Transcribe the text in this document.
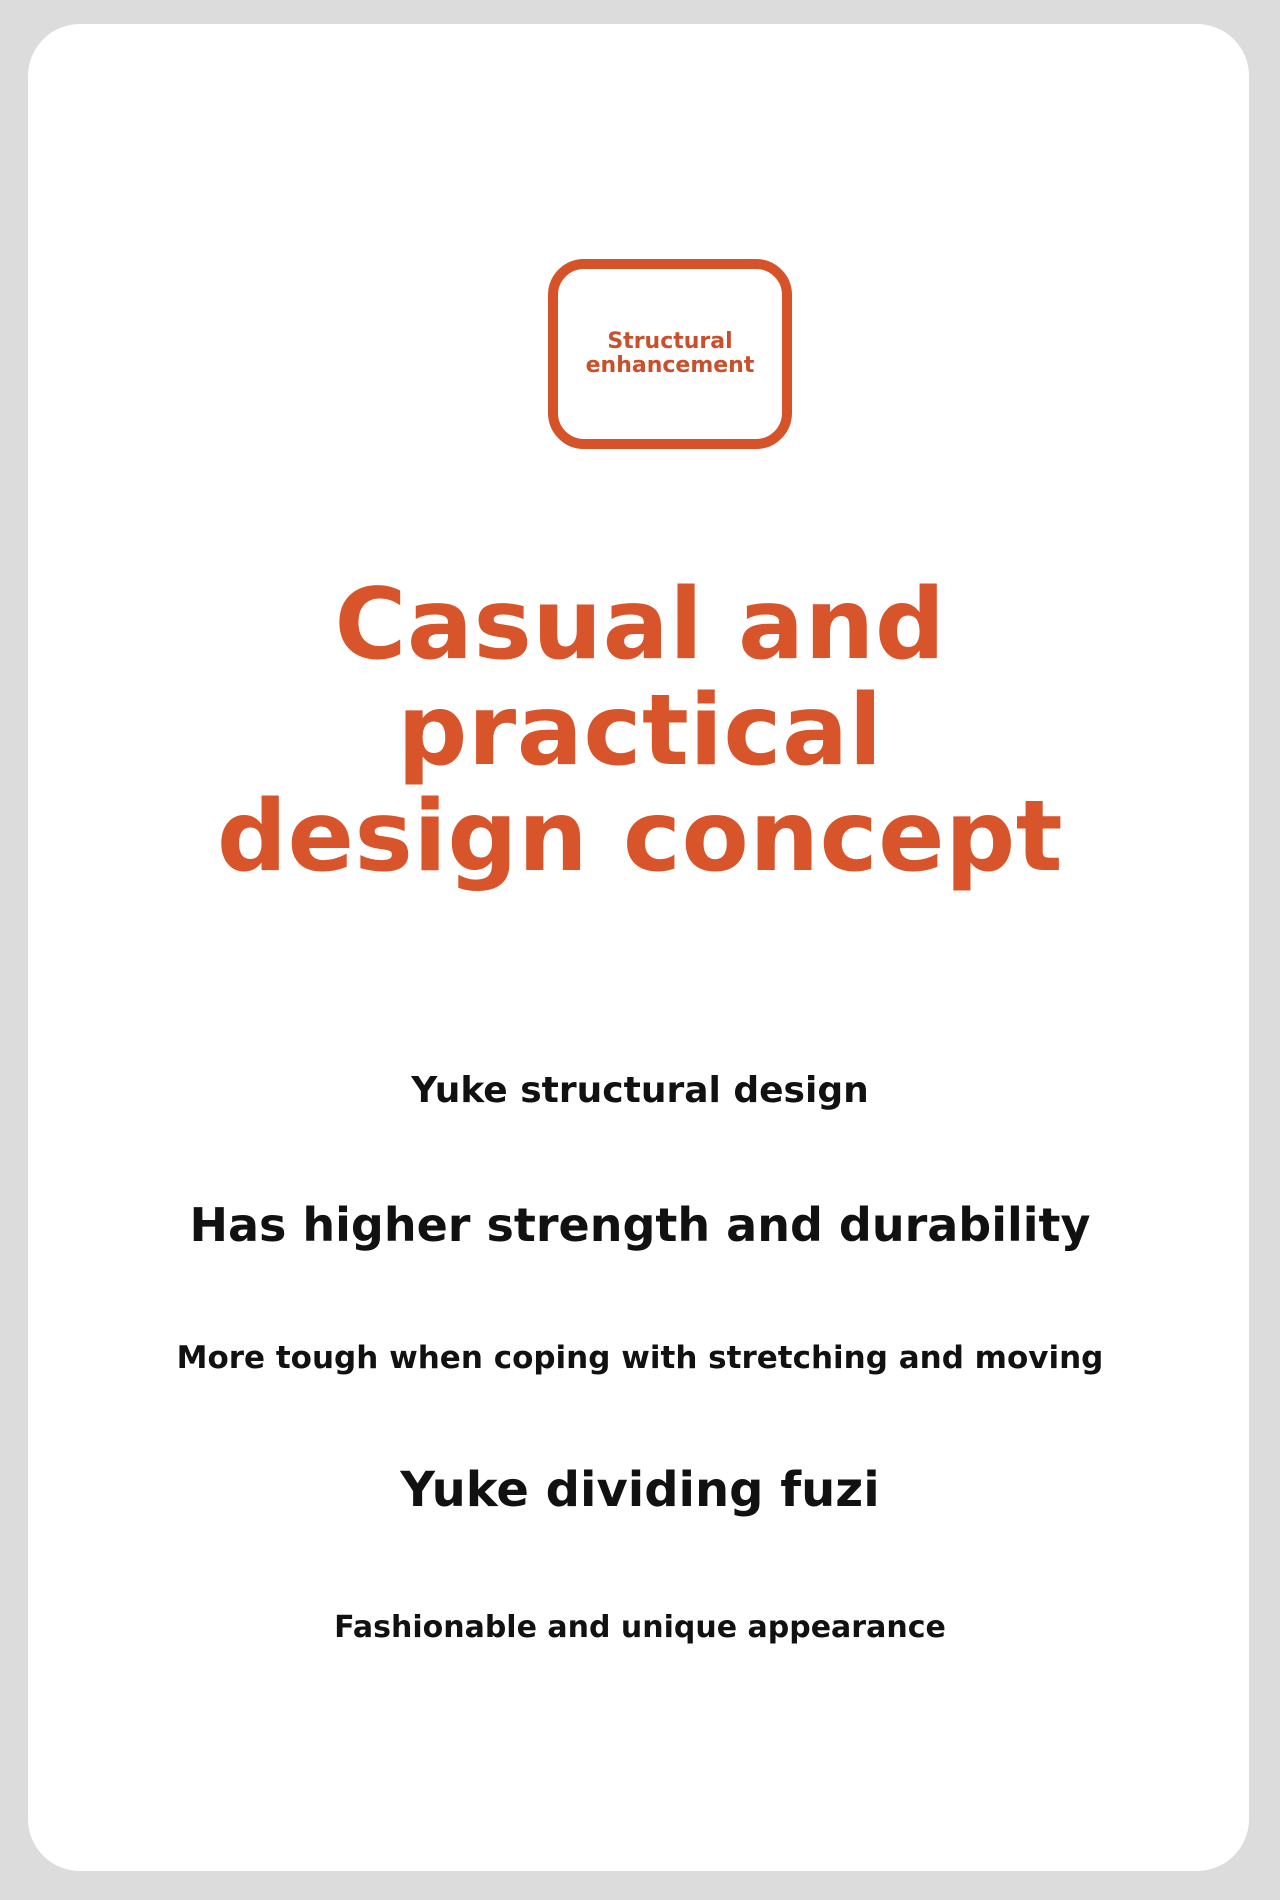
Structural
enhancement
Casual and
practical
design concept
Yuke structural design
Has higher strength and durability
More tough when coping with stretching and moving
Yuke dividing fuzi
Fashionable and unique appearance
